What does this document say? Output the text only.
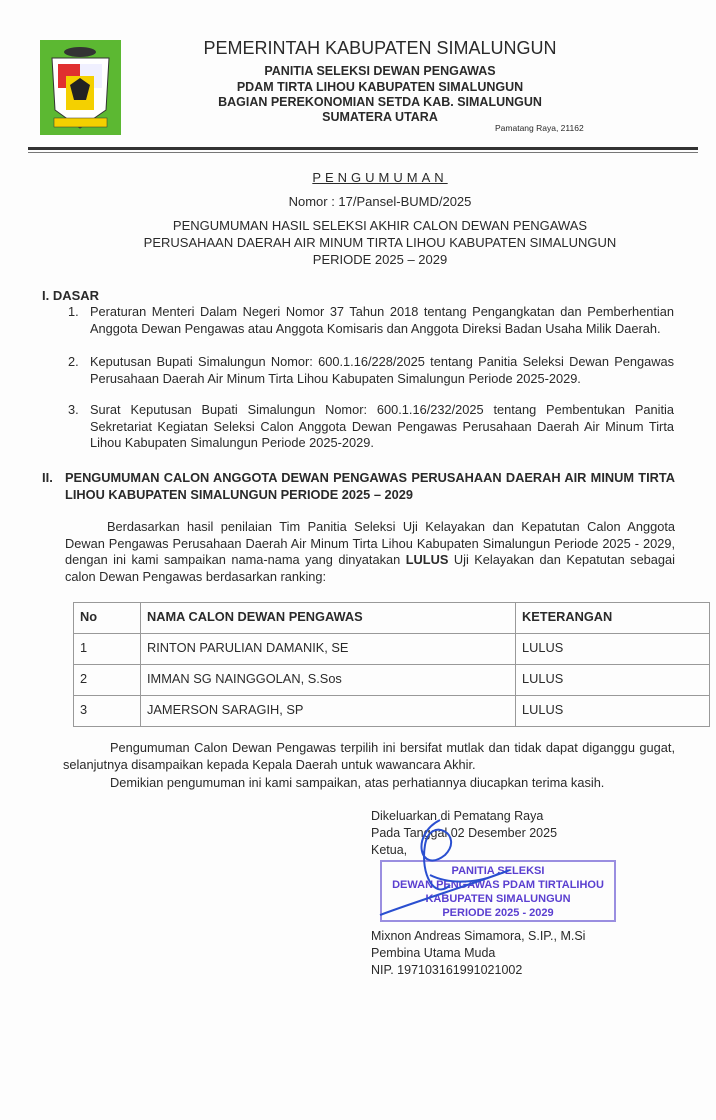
PEMERINTAH KABUPATEN SIMALUNGUN
PANITIA SELEKSI DEWAN PENGAWAS
PDAM TIRTA LIHOU KABUPATEN SIMALUNGUN
BAGIAN PEREKONOMIAN SETDA KAB. SIMALUNGUN
SUMATERA UTARA
Pamatang Raya, 21162
PENGUMUMAN
Nomor : 17/Pansel-BUMD/2025
PENGUMUMAN HASIL SELEKSI AKHIR CALON DEWAN PENGAWAS
PERUSAHAAN DAERAH AIR MINUM TIRTA LIHOU KABUPATEN SIMALUNGUN
PERIODE 2025 – 2029
I. DASAR
1. Peraturan Menteri Dalam Negeri Nomor 37 Tahun 2018 tentang Pengangkatan dan Pemberhentian Anggota Dewan Pengawas atau Anggota Komisaris dan Anggota Direksi Badan Usaha Milik Daerah.
2. Keputusan Bupati Simalungun Nomor: 600.1.16/228/2025 tentang Panitia Seleksi Dewan Pengawas Perusahaan Daerah Air Minum Tirta Lihou Kabupaten Simalungun Periode 2025-2029.
3. Surat Keputusan Bupati Simalungun Nomor: 600.1.16/232/2025 tentang Pembentukan Panitia Sekretariat Kegiatan Seleksi Calon Anggota Dewan Pengawas Perusahaan Daerah Air Minum Tirta Lihou Kabupaten Simalungun Periode 2025-2029.
II. PENGUMUMAN CALON ANGGOTA DEWAN PENGAWAS PERUSAHAAN DAERAH AIR MINUM TIRTA LIHOU KABUPATEN SIMALUNGUN PERIODE 2025 – 2029
Berdasarkan hasil penilaian Tim Panitia Seleksi Uji Kelayakan dan Kepatutan Calon Anggota Dewan Pengawas Perusahaan Daerah Air Minum Tirta Lihou Kabupaten Simalungun Periode 2025 - 2029, dengan ini kami sampaikan nama-nama yang dinyatakan LULUS Uji Kelayakan dan Kepatutan sebagai calon Dewan Pengawas berdasarkan ranking:
No	NAMA CALON DEWAN PENGAWAS	KETERANGAN
1	RINTON PARULIAN DAMANIK, SE	LULUS
2	IMMAN SG NAINGGOLAN, S.Sos	LULUS
3	JAMERSON SARAGIH, SP	LULUS
Pengumuman Calon Dewan Pengawas terpilih ini bersifat mutlak dan tidak dapat diganggu gugat, selanjutnya disampaikan kepada Kepala Daerah untuk wawancara Akhir.
Demikian pengumuman ini kami sampaikan, atas perhatiannya diucapkan terima kasih.
Dikeluarkan di Pematang Raya
Pada Tanggal 02 Desember 2025
Ketua,
PANITIA SELEKSI
DEWAN PENGAWAS PDAM TIRTALIHOU
KABUPATEN SIMALUNGUN
PERIODE 2025 - 2029
Mixnon Andreas Simamora, S.IP., M.Si
Pembina Utama Muda
NIP. 197103161991021002
